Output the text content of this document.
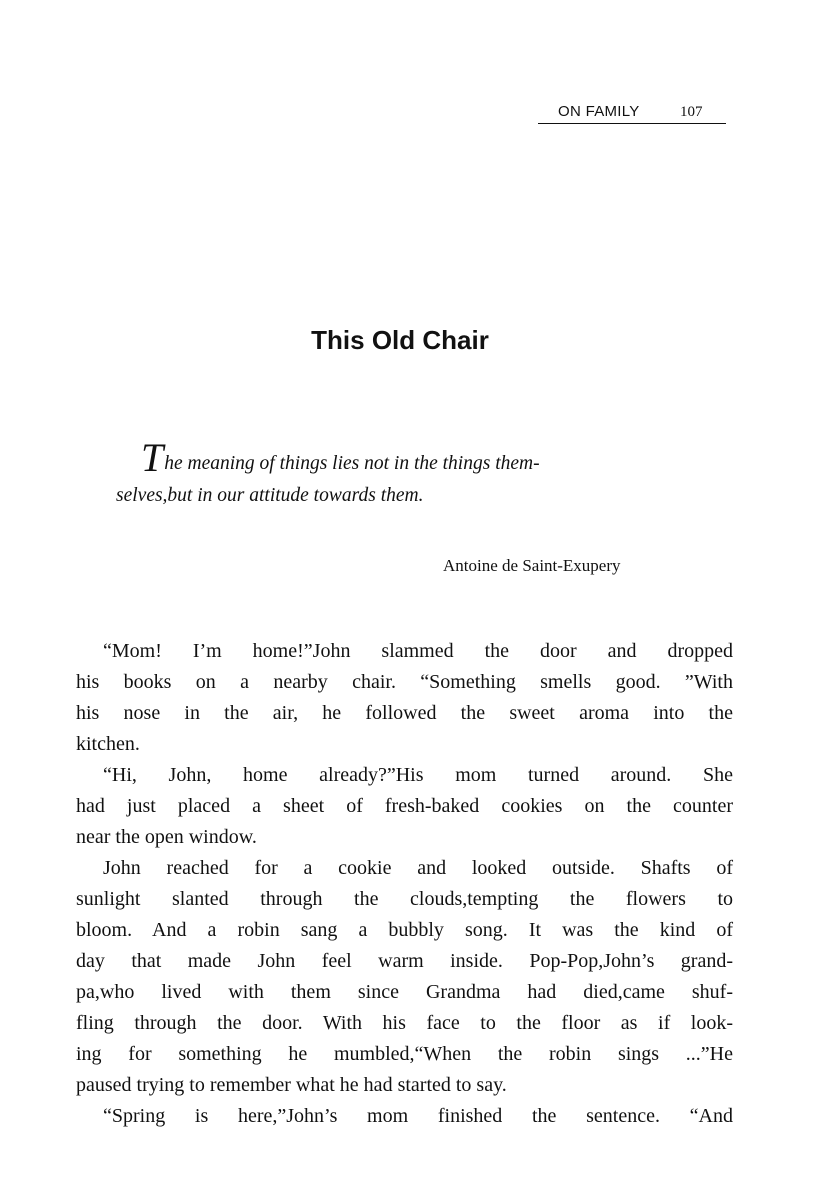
ON FAMILY	107
This Old Chair
The meaning of things lies not in the things them-
selves,but in our attitude towards them.
Antoine de Saint-Exupery
“Mom! I’m home!”John slammed the door and dropped
his books on a nearby chair. “Something smells good. ”With
his nose in the air, he followed the sweet aroma into the
kitchen.
“Hi, John, home already?”His mom turned around. She
had just placed a sheet of fresh-baked cookies on the counter
near the open window.
John reached for a cookie and looked outside. Shafts of
sunlight slanted through the clouds,tempting the flowers to
bloom. And a robin sang a bubbly song. It was the kind of
day that made John feel warm inside. Pop-Pop,John’s grand-
pa,who lived with them since Grandma had died,came shuf-
fling through the door. With his face to the floor as if look-
ing for something he mumbled,“When the robin sings ...”He
paused trying to remember what he had started to say.
“Spring is here,”John’s mom finished the sentence. “And
